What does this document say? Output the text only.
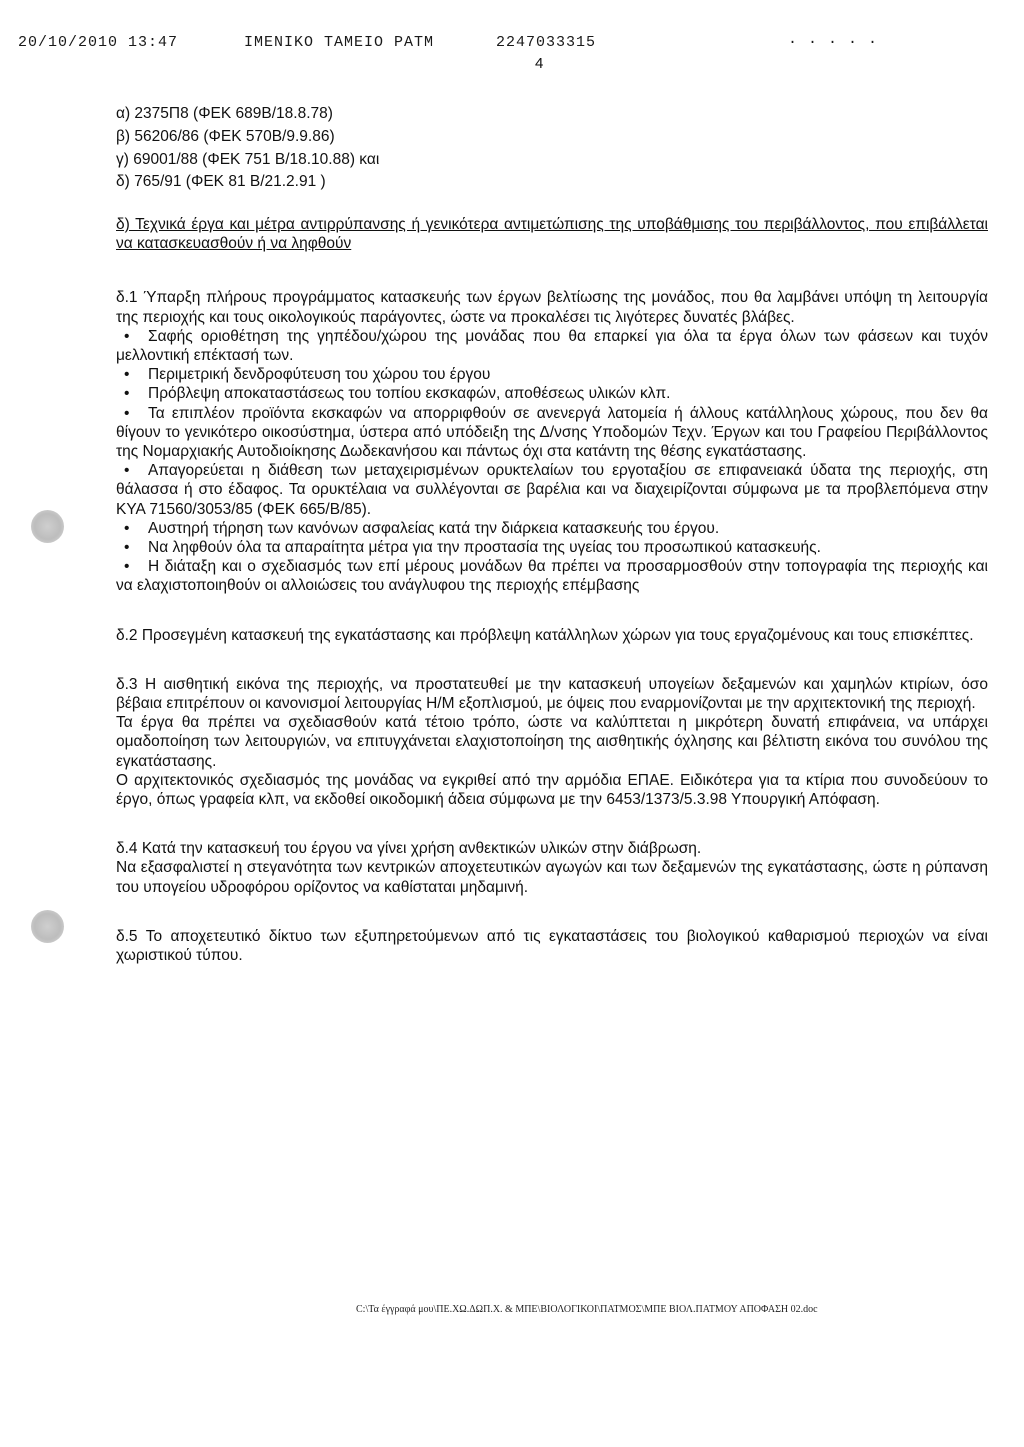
20/10/2010 13:47	ΙΜΕΝΙΚΟ ΤΑΜΕΙΟ ΡΑΤΜ	2247033315	· · · · ·
4
α) 2375Π8 (ΦΕΚ 689Β/18.8.78)
β) 56206/86 (ΦΕΚ 570Β/9.9.86)
γ) 69001/88 (ΦΕΚ 751 Β/18.10.88) και
δ) 765/91 (ΦΕΚ 81 Β/21.2.91 )

δ) Τεχνικά έργα και μέτρα αντιρρύπανσης ή γενικότερα αντιμετώπισης της υποβάθμισης του περιβάλλοντος, που επιβάλλεται να κατασκευασθούν ή να ληφθούν

δ.1 Ύπαρξη πλήρους προγράμματος κατασκευής των έργων βελτίωσης της μονάδος, που θα λαμβάνει υπόψη τη λειτουργία της περιοχής και τους οικολογικούς παράγοντες, ώστε να προκαλέσει τις λιγότερες δυνατές βλάβες.

• Σαφής οριοθέτηση της γηπέδου/χώρου της μονάδας που θα επαρκεί για όλα τα έργα όλων των φάσεων και τυχόν μελλοντική επέκτασή των.

• Περιμετρική δενδροφύτευση του χώρου του έργου

• Πρόβλεψη αποκαταστάσεως του τοπίου εκσκαφών, αποθέσεως υλικών κλπ.

• Τα επιπλέον προϊόντα εκσκαφών να απορριφθούν σε ανενεργά λατομεία ή άλλους κατάλληλους χώρους, που δεν θα θίγουν το γενικότερο οικοσύστημα, ύστερα από υπόδειξη της Δ/νσης Υποδομών Τεχν. Έργων και του Γραφείου Περιβάλλοντος της Νομαρχιακής Αυτοδιοίκησης Δωδεκανήσου και πάντως όχι στα κατάντη της θέσης εγκατάστασης.

• Απαγορεύεται η διάθεση των μεταχειρισμένων ορυκτελαίων του εργοταξίου σε επιφανειακά ύδατα της περιοχής, στη θάλασσα ή στο έδαφος. Τα ορυκτέλαια να συλλέγονται σε βαρέλια και να διαχειρίζονται σύμφωνα με τα προβλεπόμενα στην ΚΥΑ 71560/3053/85 (ΦΕΚ 665/Β/85).

• Αυστηρή τήρηση των κανόνων ασφαλείας κατά την διάρκεια κατασκευής του έργου.

• Να ληφθούν όλα τα απαραίτητα μέτρα για την προστασία της υγείας του προσωπικού κατασκευής.

• Η διάταξη και ο σχεδιασμός των επί μέρους μονάδων θα πρέπει να προσαρμοσθούν στην τοπογραφία της περιοχής και να ελαχιστοποιηθούν οι αλλοιώσεις του ανάγλυφου της περιοχής επέμβασης

δ.2 Προσεγμένη κατασκευή της εγκατάστασης και πρόβλεψη κατάλληλων χώρων για τους εργαζομένους και τους επισκέπτες.

δ.3 Η αισθητική εικόνα της περιοχής, να προστατευθεί με την κατασκευή υπογείων δεξαμενών και χαμηλών κτιρίων, όσο βέβαια επιτρέπουν οι κανονισμοί λειτουργίας Η/Μ εξοπλισμού, με όψεις που εναρμονίζονται με την αρχιτεκτονική της περιοχή.

Τα έργα θα πρέπει να σχεδιασθούν κατά τέτοιο τρόπο, ώστε να καλύπτεται η μικρότερη δυνατή επιφάνεια, να υπάρχει ομαδοποίηση των λειτουργιών, να επιτυγχάνεται ελαχιστοποίηση της αισθητικής όχλησης και βέλτιστη εικόνα του συνόλου της εγκατάστασης.

Ο αρχιτεκτονικός σχεδιασμός της μονάδας να εγκριθεί από την αρμόδια ΕΠΑΕ. Ειδικότερα για τα κτίρια που συνοδεύουν το έργο, όπως γραφεία κλπ, να εκδοθεί οικοδομική άδεια σύμφωνα με την 6453/1373/5.3.98 Υπουργική Απόφαση.

δ.4 Κατά την κατασκευή του έργου να γίνει χρήση ανθεκτικών υλικών στην διάβρωση.

Να εξασφαλιστεί η στεγανότητα των κεντρικών αποχετευτικών αγωγών και των δεξαμενών της εγκατάστασης, ώστε η ρύπανση του υπογείου υδροφόρου ορίζοντος να καθίσταται μηδαμινή.

δ.5 Το αποχετευτικό δίκτυο των εξυπηρετούμενων από τις εγκαταστάσεις του βιολογικού καθαρισμού περιοχών να είναι χωριστικού τύπου.

C:\Τα έγγραφά μου\ΠΕ.ΧΩ.ΔΩΠ.Χ. & ΜΠΕ\ΒΙΟΛΟΓΙΚΟΙ\ΠΑΤΜΟΣ\ΜΠΕ ΒΙΟΛ.ΠΑΤΜΟΥ ΑΠΟΦΑΣΗ 02.doc
